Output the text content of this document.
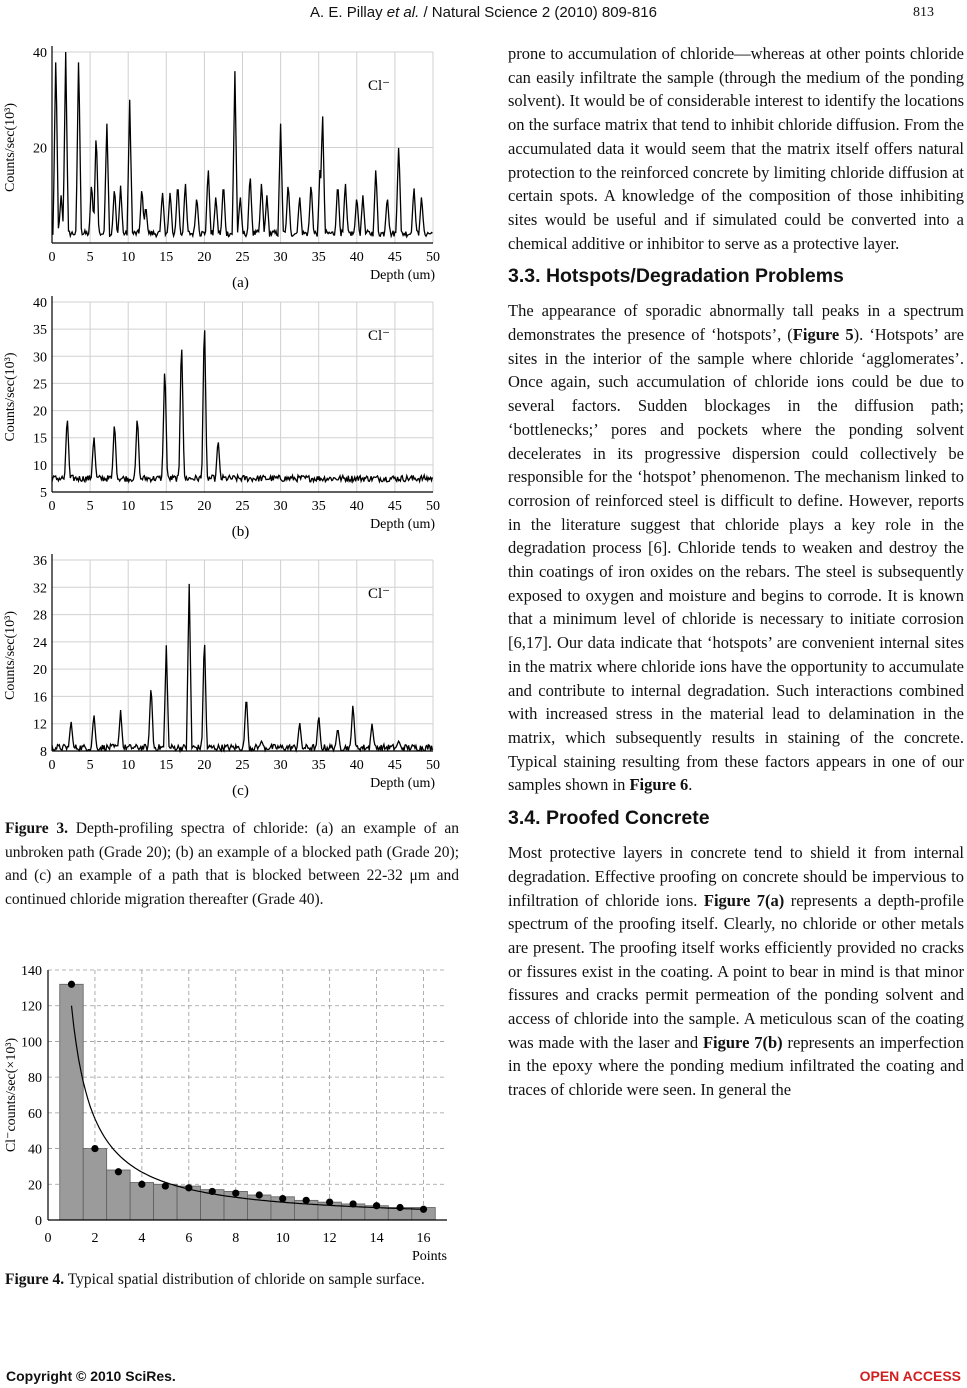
A. E. Pillay et al. / Natural Science 2 (2010) 809-816	813
0 5 10 15 20 25 30 35 40 45 50
20
40
Depth (um)
Counts/sec(10³)
Cl⁻
(a)
0 5 10 15 20 25 30 35 40 45 50
5
10
15
20
25
30
35
40
Depth (um)
Counts/sec(10³)
Cl⁻
(b)
0 5 10 15 20 25 30 35 40 45 50
8
12
16
20
24
28
32
36
Depth (um)
Counts/sec(10³)
Cl⁻
(c)
Figure 3. Depth-profiling spectra of chloride: (a) an example of an unbroken path (Grade 20); (b) an example of a blocked path (Grade 20); and (c) an example of a path that is blocked between 22-32 μm and continued chloride migration thereafter (Grade 40).
0
20
40
60
80
100
120
140
0	2	4	6	8	10 12 14 16
Points
Cl⁻counts/sec(×10³)
Figure 4. Typical spatial distribution of chloride on sample surface.

prone to accumulation of chloride―whereas at other points chloride can easily infiltrate the sample (through the medium of the ponding solvent). It would be of considerable interest to identify the locations on the surface matrix that tend to inhibit chloride diffusion. From the accumulated data it would seem that the matrix itself offers natural protection to the reinforced concrete by limiting chloride diffusion at certain spots. A knowledge of the composition of those inhibiting sites would be useful and if simulated could be converted into a chemical additive or inhibitor to serve as a protective layer.

3.3. Hotspots/Degradation Problems

The appearance of sporadic abnormally tall peaks in a spectrum demonstrates the presence of ‘hotspots’, (Figure 5). ‘Hotspots’ are sites in the interior of the sample where chloride ‘agglomerates’. Once again, such accumulation of chloride ions could be due to several factors. Sudden blockages in the diffusion path; ‘bottlenecks;’ pores and pockets where the ponding solvent decelerates in its progressive dispersion could collectively be responsible for the ‘hotspot’ phenomenon. The mechanism linked to corrosion of reinforced steel is difficult to define. However, reports in the literature suggest that chloride plays a key role in the degradation process [6]. Chloride tends to weaken and destroy the thin coatings of iron oxides on the rebars. The steel is subsequently exposed to oxygen and moisture and begins to corrode. It is known that a minimum level of chloride is necessary to initiate corrosion [6,17]. Our data indicate that ‘hotspots’ are convenient internal sites in the matrix where chloride ions have the opportunity to accumulate and contribute to internal degradation. Such interactions combined with increased stress in the material lead to delamination in the matrix, which subsequently results in staining of the concrete. Typical staining resulting from these factors appears in one of our samples shown in Figure 6.

3.4. Proofed Concrete

Most protective layers in concrete tend to shield it from internal degradation. Effective proofing on concrete should be impervious to infiltration of chloride ions. Figure 7(a) represents a depth-profile spectrum of the proofing itself. Clearly, no chloride or other metals are present. The proofing itself works efficiently provided no cracks or fissures exist in the coating. A point to bear in mind is that minor fissures and cracks permit permeation of the ponding solvent and access of chloride into the sample. A meticulous scan of the coating was made with the laser and Figure 7(b) represents an imperfection in the epoxy where the ponding medium infiltrated the coating and traces of chloride were seen. In general the

Copyright © 2010 SciRes.	OPEN ACCESS
